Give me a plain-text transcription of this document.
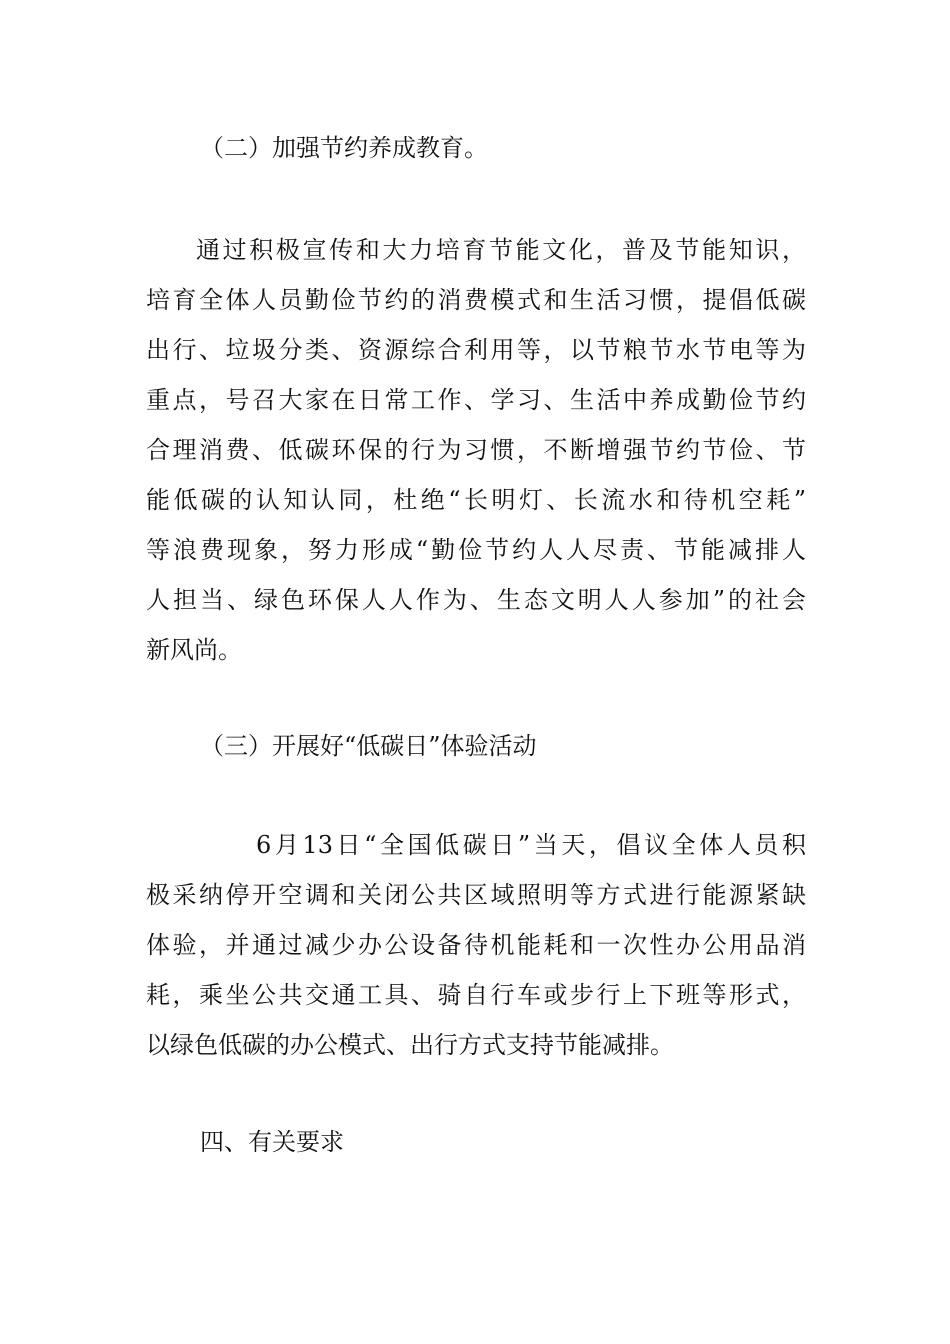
（二）加强节约养成教育。
通过积极宣传和大力培育节能文化，普及节能知识，
培育全体人员勤俭节约的消费模式和生活习惯，提倡低碳
出行、垃圾分类、资源综合利用等，以节粮节水节电等为
重点，号召大家在日常工作、学习、生活中养成勤俭节约
合理消费、低碳环保的行为习惯，不断增强节约节俭、节
能低碳的认知认同，杜绝“长明灯、长流水和待机空耗”
等浪费现象，努力形成“勤俭节约人人尽责、节能减排人
人担当、绿色环保人人作为、生态文明人人参加”的社会
新风尚。
（三）开展好“低碳日”体验活动
6月13日“全国低碳日”当天，倡议全体人员积
极采纳停开空调和关闭公共区域照明等方式进行能源紧缺
体验，并通过减少办公设备待机能耗和一次性办公用品消
耗，乘坐公共交通工具、骑自行车或步行上下班等形式，
以绿色低碳的办公模式、出行方式支持节能减排。
四、有关要求
